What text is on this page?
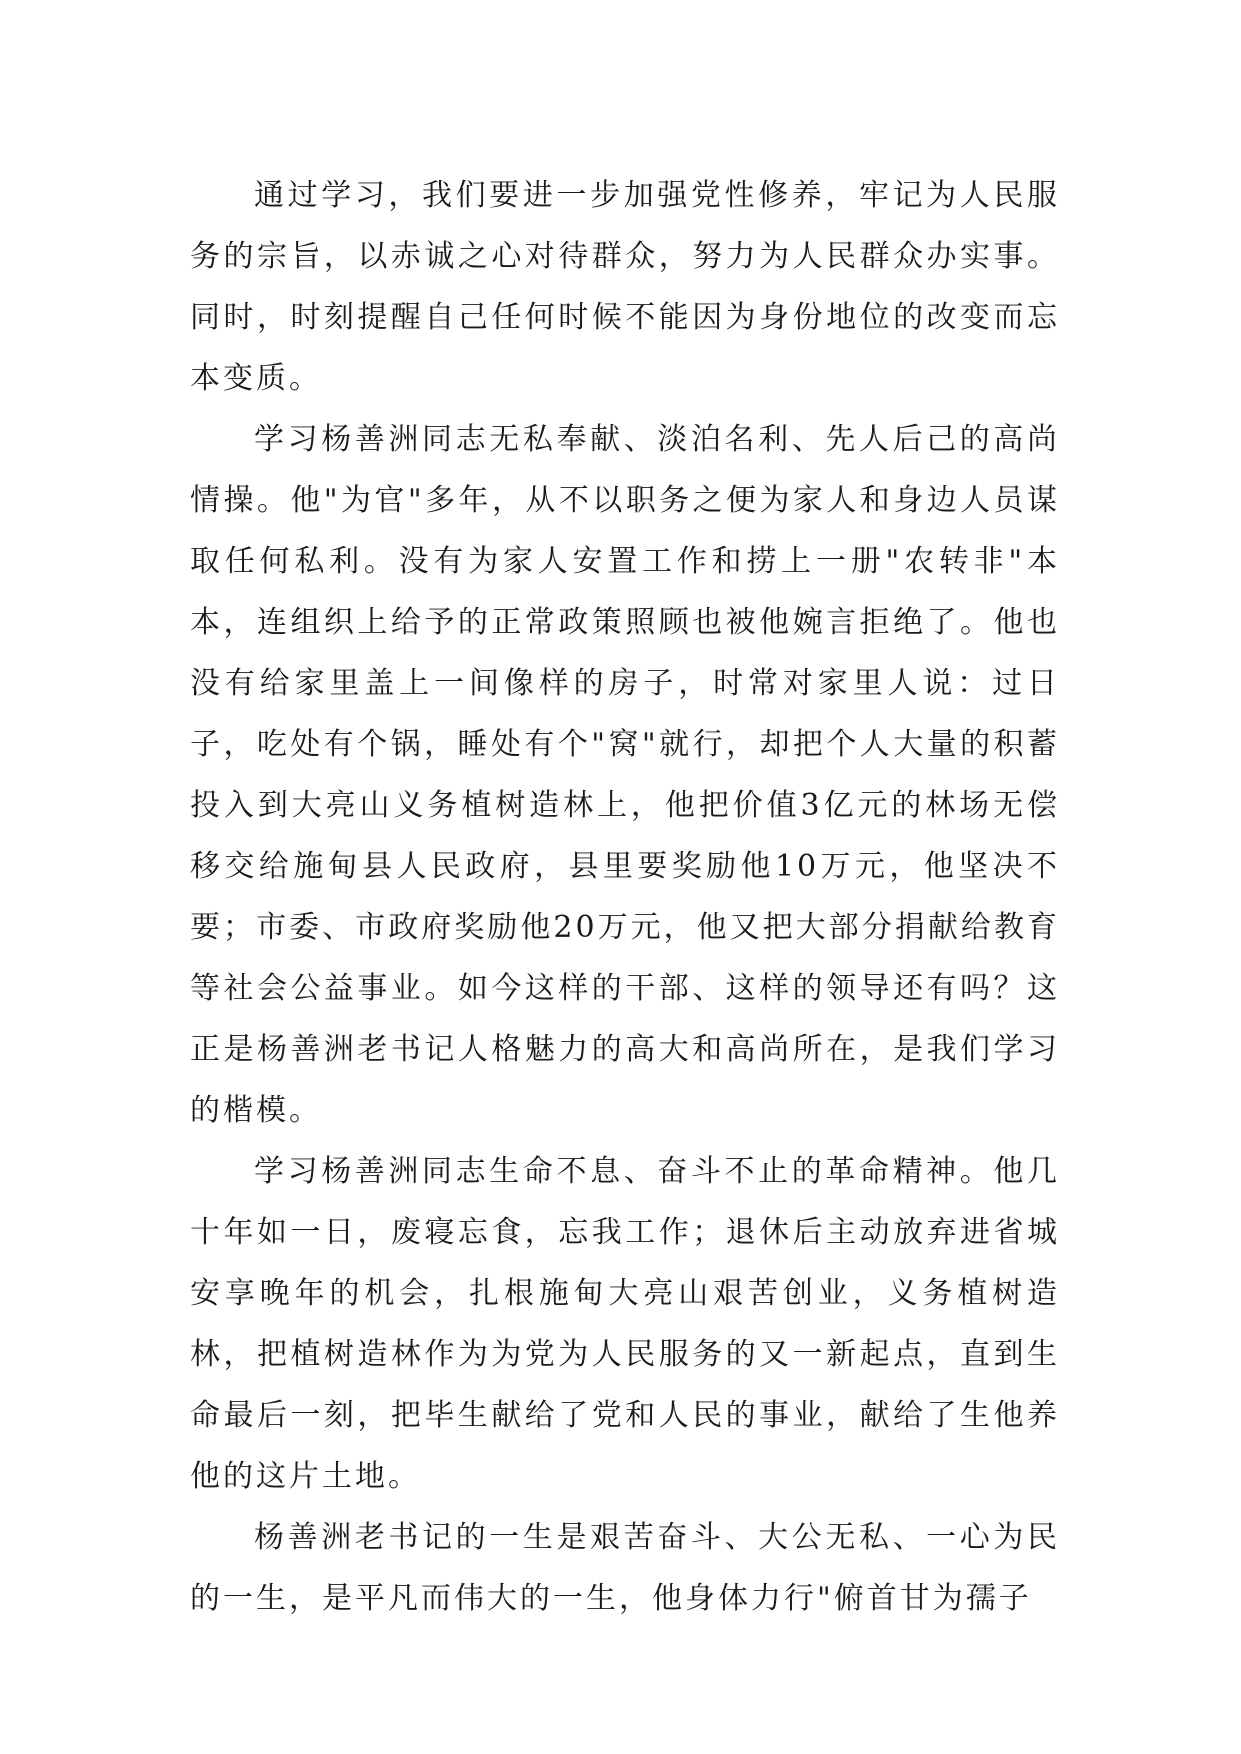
通过学习，我们要进一步加强党性修养，牢记为人民服务的宗旨，以赤诚之心对待群众，努力为人民群众办实事。同时，时刻提醒自己任何时候不能因为身份地位的改变而忘本变质。

学习杨善洲同志无私奉献、淡泊名利、先人后己的高尚情操。他"为官"多年，从不以职务之便为家人和身边人员谋取任何私利。没有为家人安置工作和捞上一册"农转非"本本，连组织上给予的正常政策照顾也被他婉言拒绝了。他也没有给家里盖上一间像样的房子，时常对家里人说：过日子，吃处有个锅，睡处有个"窝"就行，却把个人大量的积蓄投入到大亮山义务植树造林上，他把价值3亿元的林场无偿移交给施甸县人民政府，县里要奖励他10万元，他坚决不要；市委、市政府奖励他20万元，他又把大部分捐献给教育等社会公益事业。如今这样的干部、这样的领导还有吗？这正是杨善洲老书记人格魅力的高大和高尚所在，是我们学习的楷模。

学习杨善洲同志生命不息、奋斗不止的革命精神。他几十年如一日，废寝忘食，忘我工作；退休后主动放弃进省城安享晚年的机会，扎根施甸大亮山艰苦创业，义务植树造林，把植树造林作为为党为人民服务的又一新起点，直到生命最后一刻，把毕生献给了党和人民的事业，献给了生他养他的这片土地。

杨善洲老书记的一生是艰苦奋斗、大公无私、一心为民的一生，是平凡而伟大的一生，他身体力行"俯首甘为孺子
